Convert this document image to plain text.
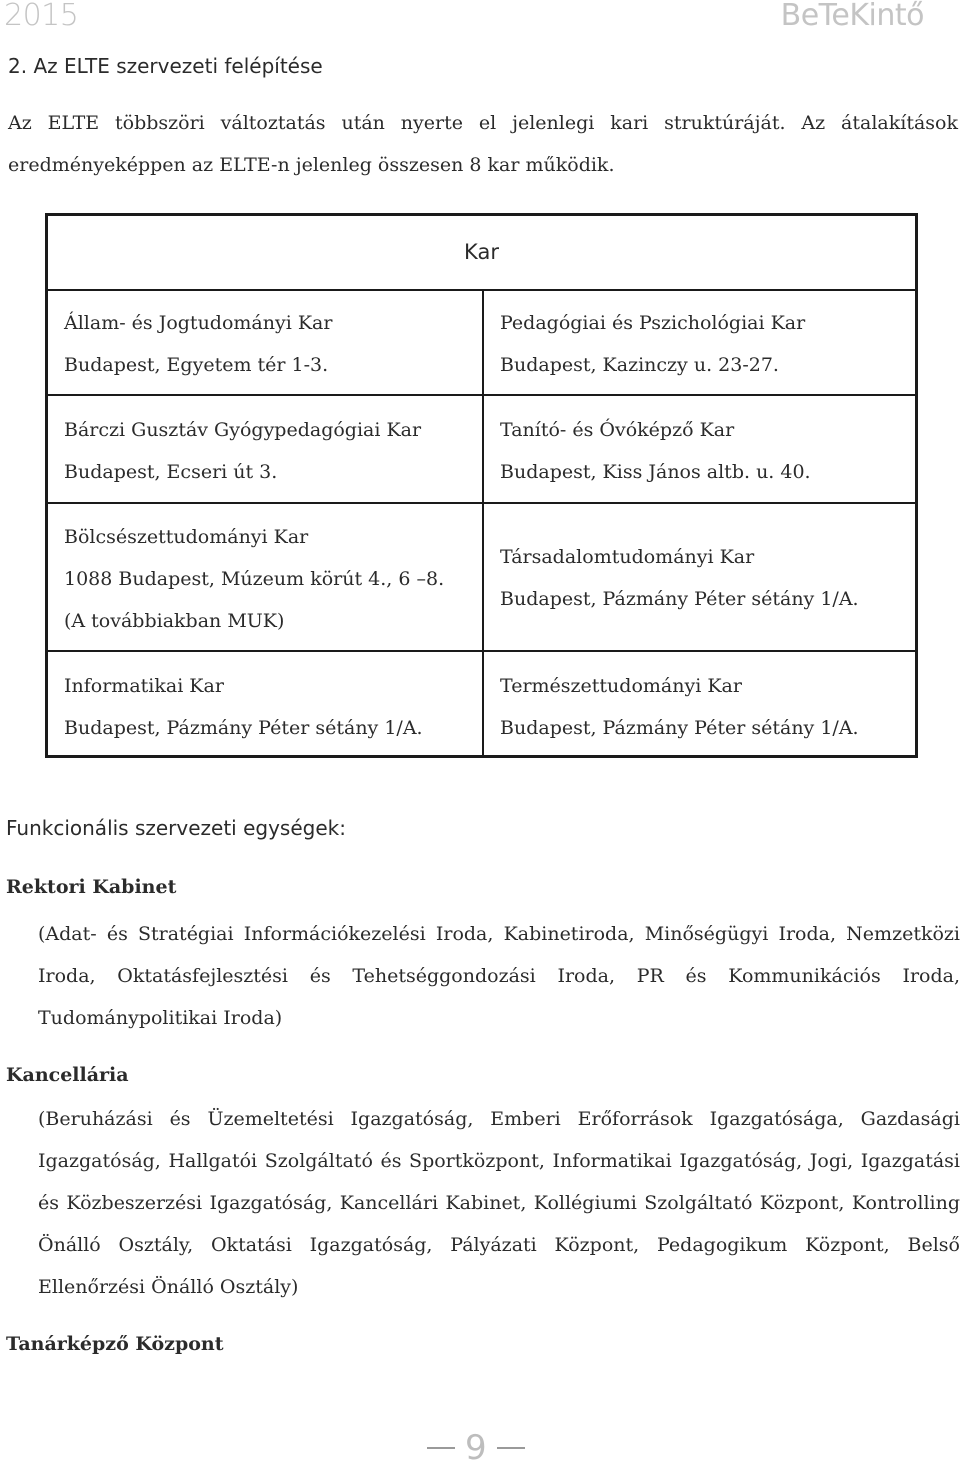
2015	BeTeKintő
2. Az ELTE szervezeti felépítése
Az ELTE többszöri változtatás után nyerte el jelenlegi kari struktúráját. Az átalakítások
eredményeképpen az ELTE-n jelenleg összesen 8 kar működik.
Kar
Állam- és Jogtudományi Kar
Budapest, Egyetem tér 1-3.
Pedagógiai és Pszichológiai Kar
Budapest, Kazinczy u. 23-27.
Bárczi Gusztáv Gyógypedagógiai Kar
Budapest, Ecseri út 3.
Tanító- és Óvóképző Kar
Budapest, Kiss János altb. u. 40.
Bölcsészettudományi Kar
1088 Budapest, Múzeum körút 4., 6 –8.
(A továbbiakban MUK)
Társadalomtudományi Kar
Budapest, Pázmány Péter sétány 1/A.
Informatikai Kar
Budapest, Pázmány Péter sétány 1/A.
Természettudományi Kar
Budapest, Pázmány Péter sétány 1/A.
Funkcionális szervezeti egységek:
Rektori Kabinet
(Adat- és Stratégiai Információkezelési Iroda, Kabinetiroda, Minőségügyi Iroda, Nemzetközi
Iroda, Oktatásfejlesztési és Tehetséggondozási Iroda, PR és Kommunikációs Iroda,
Tudománypolitikai Iroda)
Kancellária
(Beruházási és Üzemeltetési Igazgatóság, Emberi Erőforrások Igazgatósága, Gazdasági
Igazgatóság, Hallgatói Szolgáltató és Sportközpont, Informatikai Igazgatóság, Jogi, Igazgatási
és Közbeszerzési Igazgatóság, Kancellári Kabinet, Kollégiumi Szolgáltató Központ, Kontrolling
Önálló Osztály, Oktatási Igazgatóság, Pályázati Központ, Pedagogikum Központ, Belső
Ellenőrzési Önálló Osztály)
Tanárképző Központ
9
